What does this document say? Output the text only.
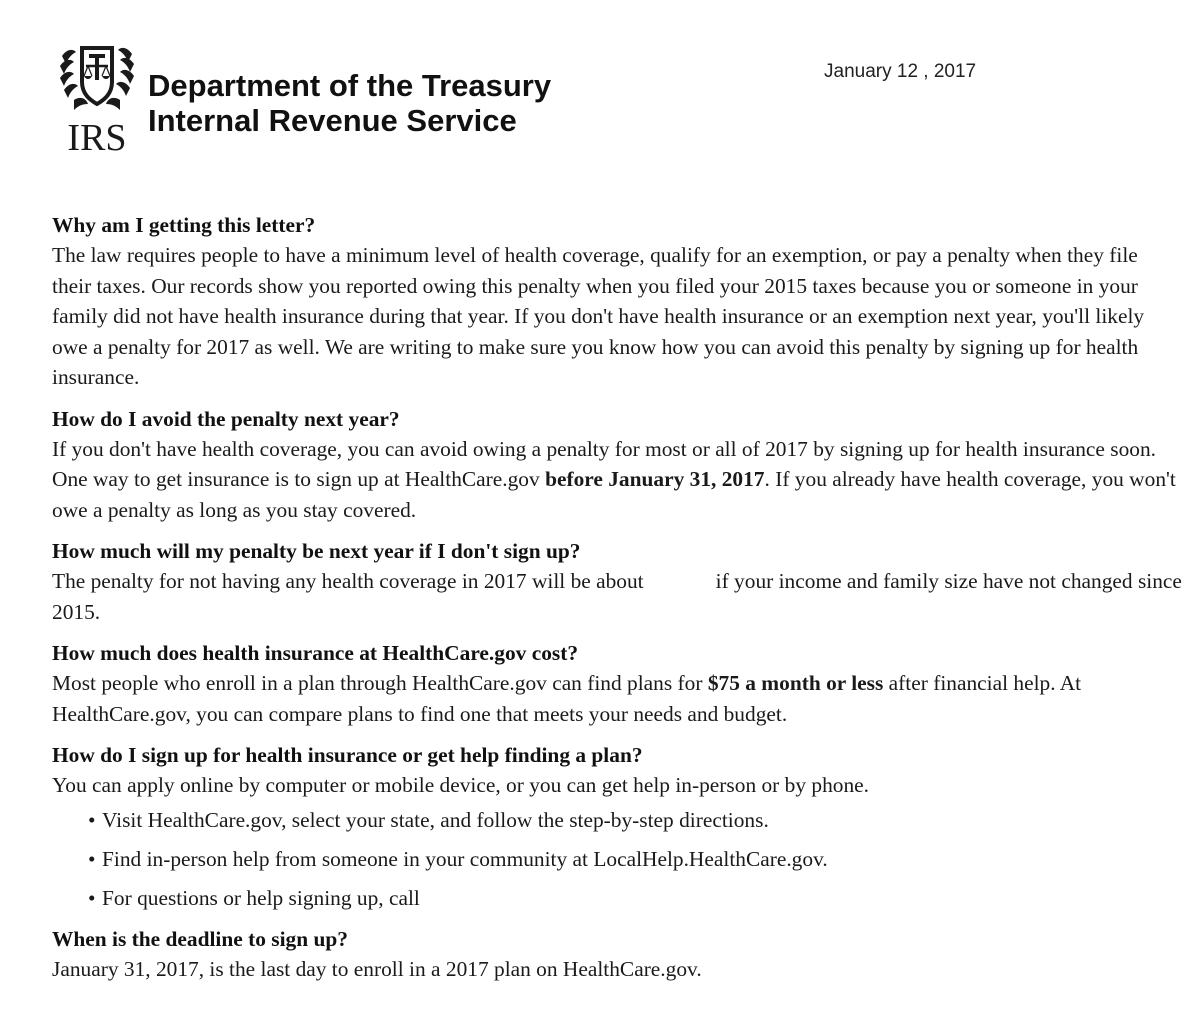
IRS
Department of the Treasury
Internal Revenue Service
January 12 , 2017
Why am I getting this letter?

The law requires people to have a minimum level of health coverage, qualify for an exemption, or pay a penalty when they file their taxes. Our records show you reported owing this penalty when you filed your 2015 taxes because you or someone in your family did not have health insurance during that year. If you don't have health insurance or an exemption next year, you'll likely owe a penalty for 2017 as well. We are writing to make sure you know how you can avoid this penalty by signing up for health insurance.

How do I avoid the penalty next year?

If you don't have health coverage, you can avoid owing a penalty for most or all of 2017 by signing up for health insurance soon. One way to get insurance is to sign up at HealthCare.gov before January 31, 2017. If you already have health coverage, you won't owe a penalty as long as you stay covered.

How much will my penalty be next year if I don't sign up?

The penalty for not having any health coverage in 2017 will be about	if your income and family size have not changed since 2015.

How much does health insurance at HealthCare.gov cost?

Most people who enroll in a plan through HealthCare.gov can find plans for $75 a month or less after financial help. At HealthCare.gov, you can compare plans to find one that meets your needs and budget.

How do I sign up for health insurance or get help finding a plan?

You can apply online by computer or mobile device, or you can get help in-person or by phone.

• Visit HealthCare.gov, select your state, and follow the step-by-step directions.
• Find in-person help from someone in your community at LocalHelp.HealthCare.gov.
• For questions or help signing up, call
When is the deadline to sign up?

January 31, 2017, is the last day to enroll in a 2017 plan on HealthCare.gov.
